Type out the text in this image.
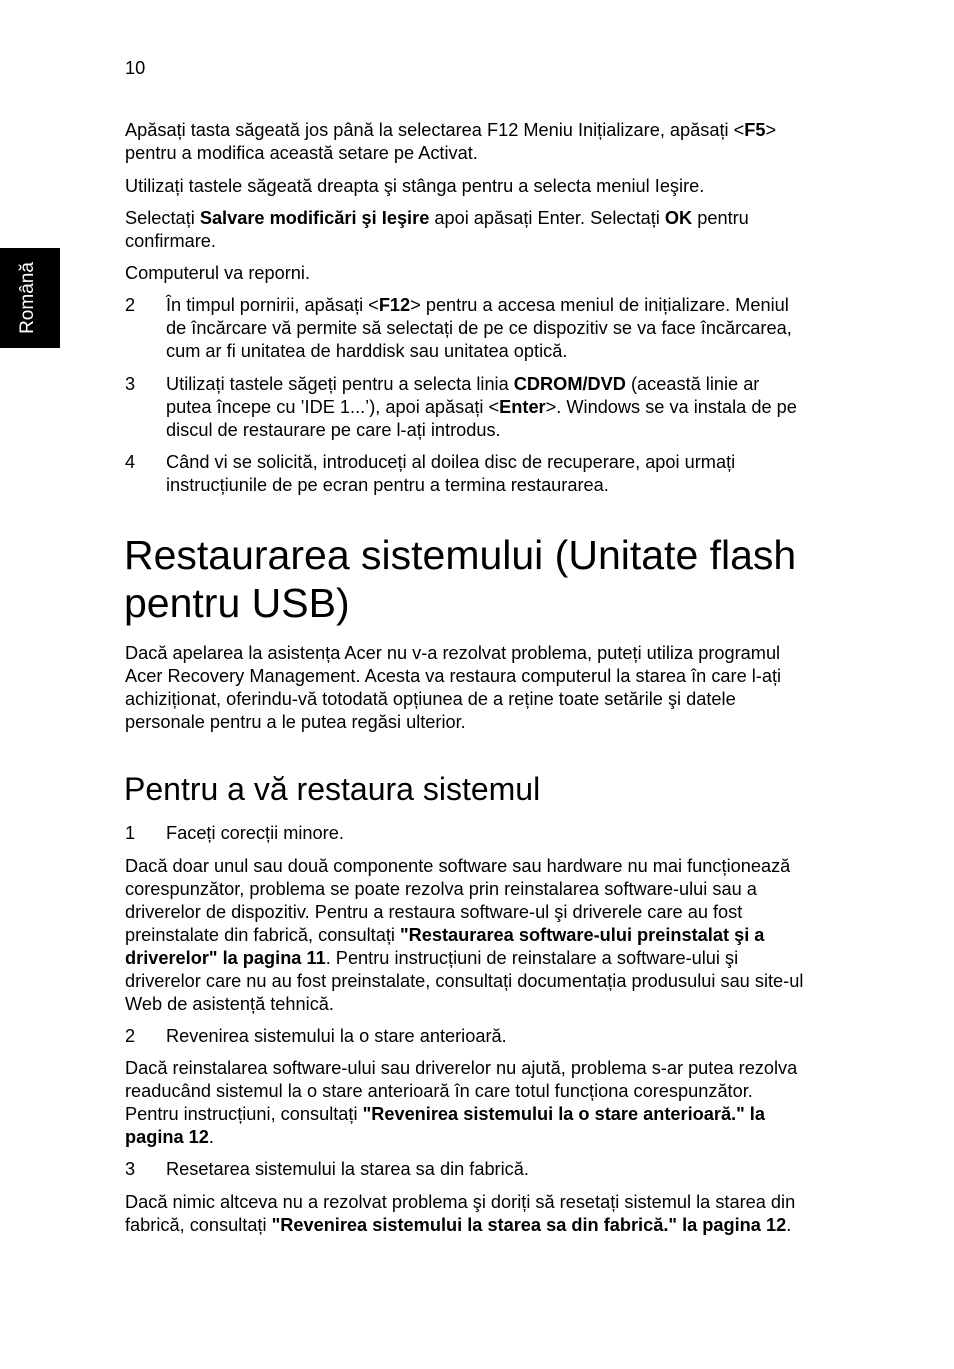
10
Română
Apăsați tasta săgeată jos până la selectarea F12 Meniu Inițializare, apăsați <F5>
pentru a modifica această setare pe Activat.
Utilizați tastele săgeată dreapta şi stânga pentru a selecta meniul Ieşire.
Selectați Salvare modificări şi Ieşire apoi apăsați Enter. Selectați OK pentru
confirmare.
Computerul va reporni.
2 În timpul pornirii, apăsați <F12> pentru a accesa meniul de inițializare. Meniul
de încărcare vă permite să selectați de pe ce dispozitiv se va face încărcarea,
cum ar fi unitatea de harddisk sau unitatea optică.
3 Utilizați tastele săgeți pentru a selecta linia CDROM/DVD (această linie ar
putea începe cu ’IDE 1...’), apoi apăsați <Enter>. Windows se va instala de pe
discul de restaurare pe care l-ați introdus.
4 Când vi se solicită, introduceți al doilea disc de recuperare, apoi urmați
instrucțiunile de pe ecran pentru a termina restaurarea.
Restaurarea sistemului (Unitate flash
pentru USB)
Dacă apelarea la asistența Acer nu v-a rezolvat problema, puteți utiliza programul
Acer Recovery Management. Acesta va restaura computerul la starea în care l-ați
achiziționat, oferindu-vă totodată opțiunea de a reține toate setările şi datele
personale pentru a le putea regăsi ulterior.
Pentru a vă restaura sistemul
1 Faceți corecții minore.
Dacă doar unul sau două componente software sau hardware nu mai funcționează
corespunzător, problema se poate rezolva prin reinstalarea software-ului sau a
driverelor de dispozitiv. Pentru a restaura software-ul şi driverele care au fost
preinstalate din fabrică, consultați "Restaurarea software-ului preinstalat şi a
driverelor" la pagina 11. Pentru instrucțiuni de reinstalare a software-ului şi
driverelor care nu au fost preinstalate, consultați documentația produsului sau site-ul
Web de asistență tehnică.
2 Revenirea sistemului la o stare anterioară.
Dacă reinstalarea software-ului sau driverelor nu ajută, problema s-ar putea rezolva
readucând sistemul la o stare anterioară în care totul funcționa corespunzător.
Pentru instrucțiuni, consultați "Revenirea sistemului la o stare anterioară." la
pagina 12.
3 Resetarea sistemului la starea sa din fabrică.
Dacă nimic altceva nu a rezolvat problema şi doriți să resetați sistemul la starea din
fabrică, consultați "Revenirea sistemului la starea sa din fabrică." la pagina 12.
